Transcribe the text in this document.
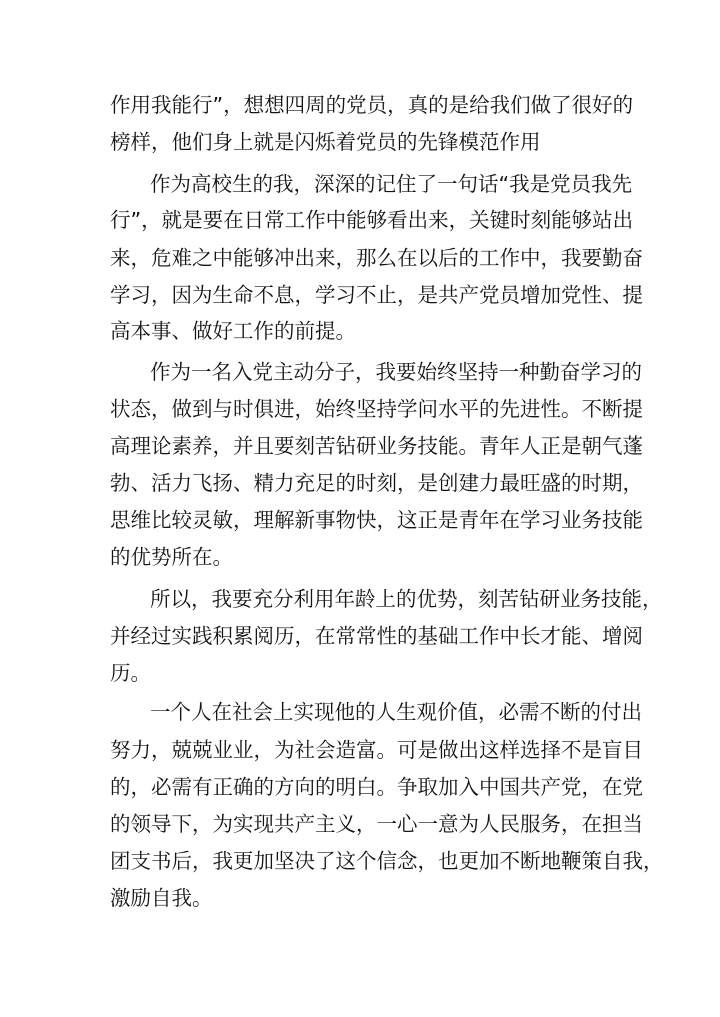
作用我能行”，想想四周的党员，真的是给我们做了很好的
榜样，他们身上就是闪烁着党员的先锋模范作用
作为高校生的我，深深的记住了一句话“我是党员我先
行”，就是要在日常工作中能够看出来，关键时刻能够站出
来，危难之中能够冲出来，那么在以后的工作中，我要勤奋
学习，因为生命不息，学习不止，是共产党员增加党性、提
高本事、做好工作的前提。
作为一名入党主动分子，我要始终坚持一种勤奋学习的
状态，做到与时俱进，始终坚持学问水平的先进性。不断提
高理论素养，并且要刻苦钻研业务技能。青年人正是朝气蓬
勃、活力飞扬、精力充足的时刻，是创建力最旺盛的时期，
思维比较灵敏，理解新事物快，这正是青年在学习业务技能
的优势所在。
所以，我要充分利用年龄上的优势，刻苦钻研业务技能，
并经过实践积累阅历，在常常性的基础工作中长才能、增阅
历。
一个人在社会上实现他的人生观价值，必需不断的付出
努力，兢兢业业，为社会造富。可是做出这样选择不是盲目
的，必需有正确的方向的明白。争取加入中国共产党，在党
的领导下，为实现共产主义，一心一意为人民服务，在担当
团支书后，我更加坚决了这个信念，也更加不断地鞭策自我，
激励自我。
